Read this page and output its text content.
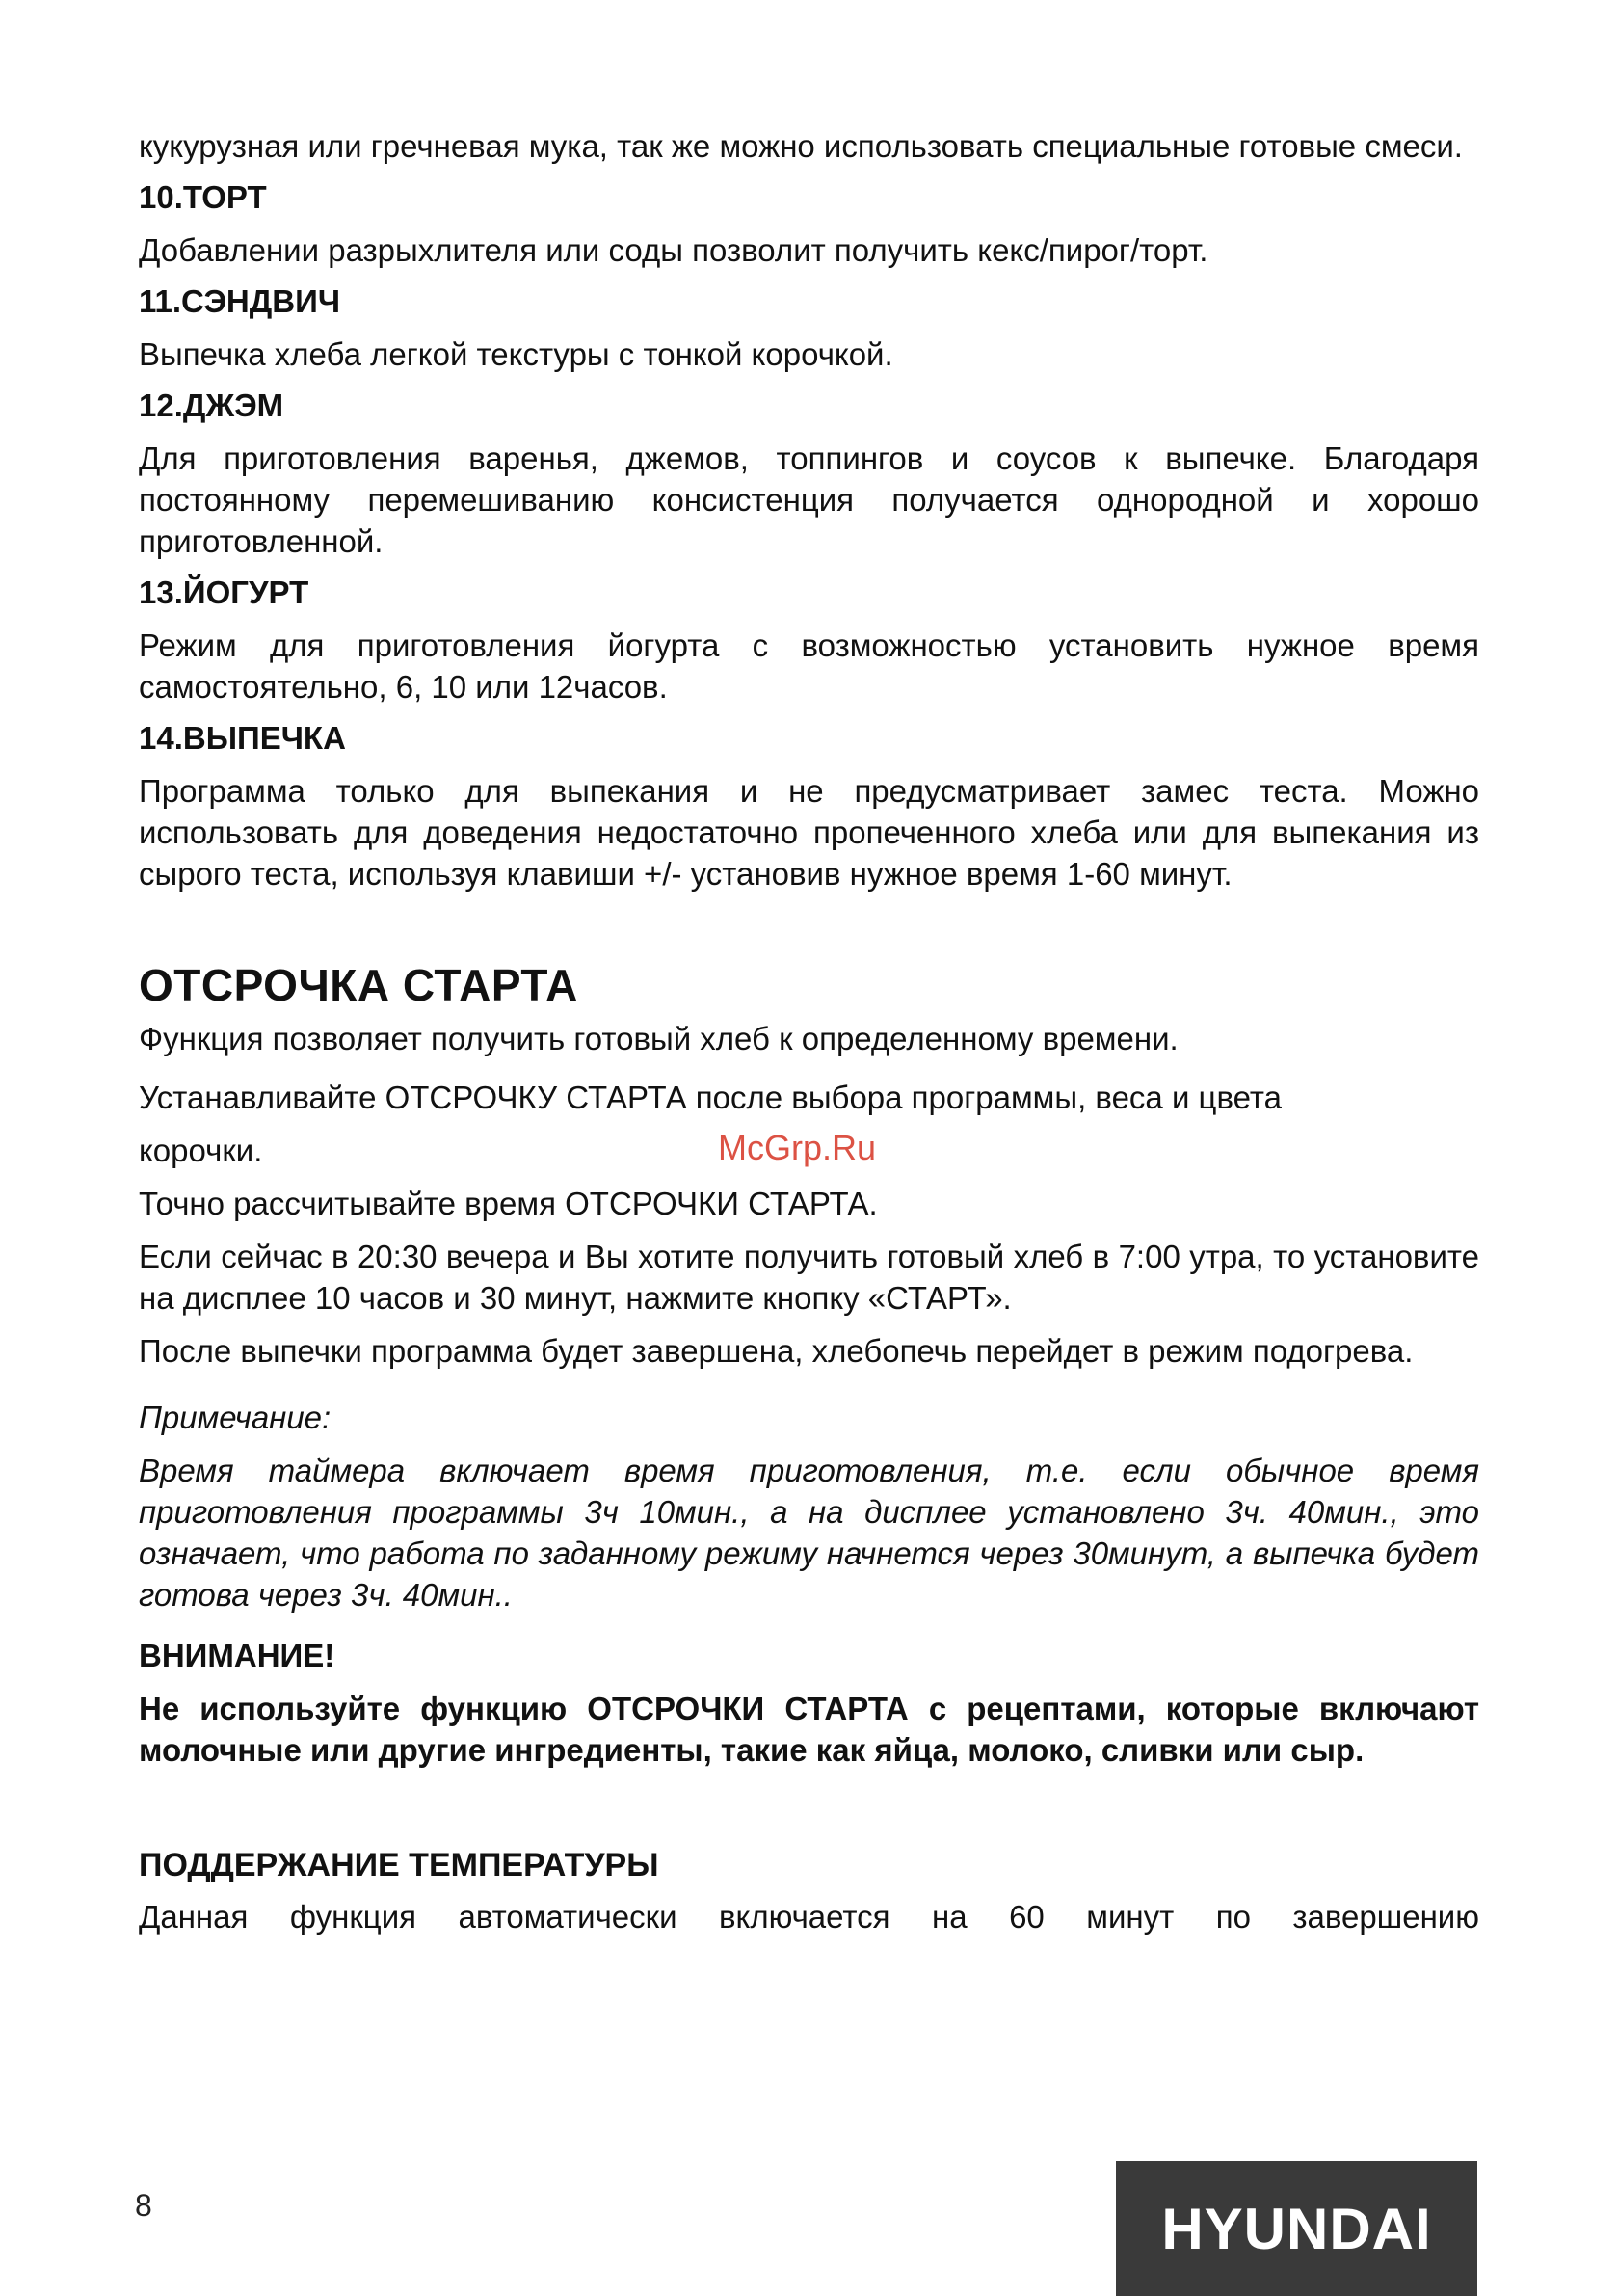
кукурузная или гречневая мука, так же можно использовать специальные готовые смеси.

10.ТОРТ

Добавлении разрыхлителя или соды позволит получить кекс/пирог/торт.

11.СЭНДВИЧ

Выпечка хлеба легкой текстуры с тонкой корочкой.

12.ДЖЭМ

Для приготовления варенья, джемов, топпингов и соусов к выпечке. Благодаря постоянному перемешиванию консистенция получается однородной и хорошо приготовленной.

13.ЙОГУРТ

Режим для приготовления йогурта с возможностью установить нужное время самостоятельно, 6, 10 или 12часов.

14.ВЫПЕЧКА

Программа только для выпекания и не предусматривает замес теста. Можно использовать для доведения недостаточно пропеченного хлеба или для выпекания из сырого теста, используя клавиши +/- установив нужное время 1-60 минут.

ОТСРОЧКА СТАРТА

Функция позволяет получить готовый хлеб к определенному времени.

Устанавливайте ОТСРОЧКУ СТАРТА после выбора программы, веса и цвета

корочки.

Точно рассчитывайте время ОТСРОЧКИ СТАРТА.

Если сейчас в 20:30 вечера и Вы хотите получить готовый хлеб в 7:00 утра, то установите на дисплее 10 часов и 30 минут, нажмите кнопку «СТАРТ».

После выпечки программа будет завершена, хлебопечь перейдет в режим подогрева.

Примечание:

Время таймера включает время приготовления, т.е. если обычное время приготовления программы 3ч 10мин., а на дисплее установлено 3ч. 40мин., это означает, что работа по заданному режиму начнется через 30минут, а выпечка будет готова через 3ч. 40мин..

ВНИМАНИЕ!

Не используйте функцию ОТСРОЧКИ СТАРТА с рецептами, которые включают молочные или другие ингредиенты, такие как яйца, молоко, сливки или сыр.

ПОДДЕРЖАНИЕ ТЕМПЕРАТУРЫ

Данная функция автоматически включается на 60 минут по завершению

McGrp.Ru
8	HYUNDAI
